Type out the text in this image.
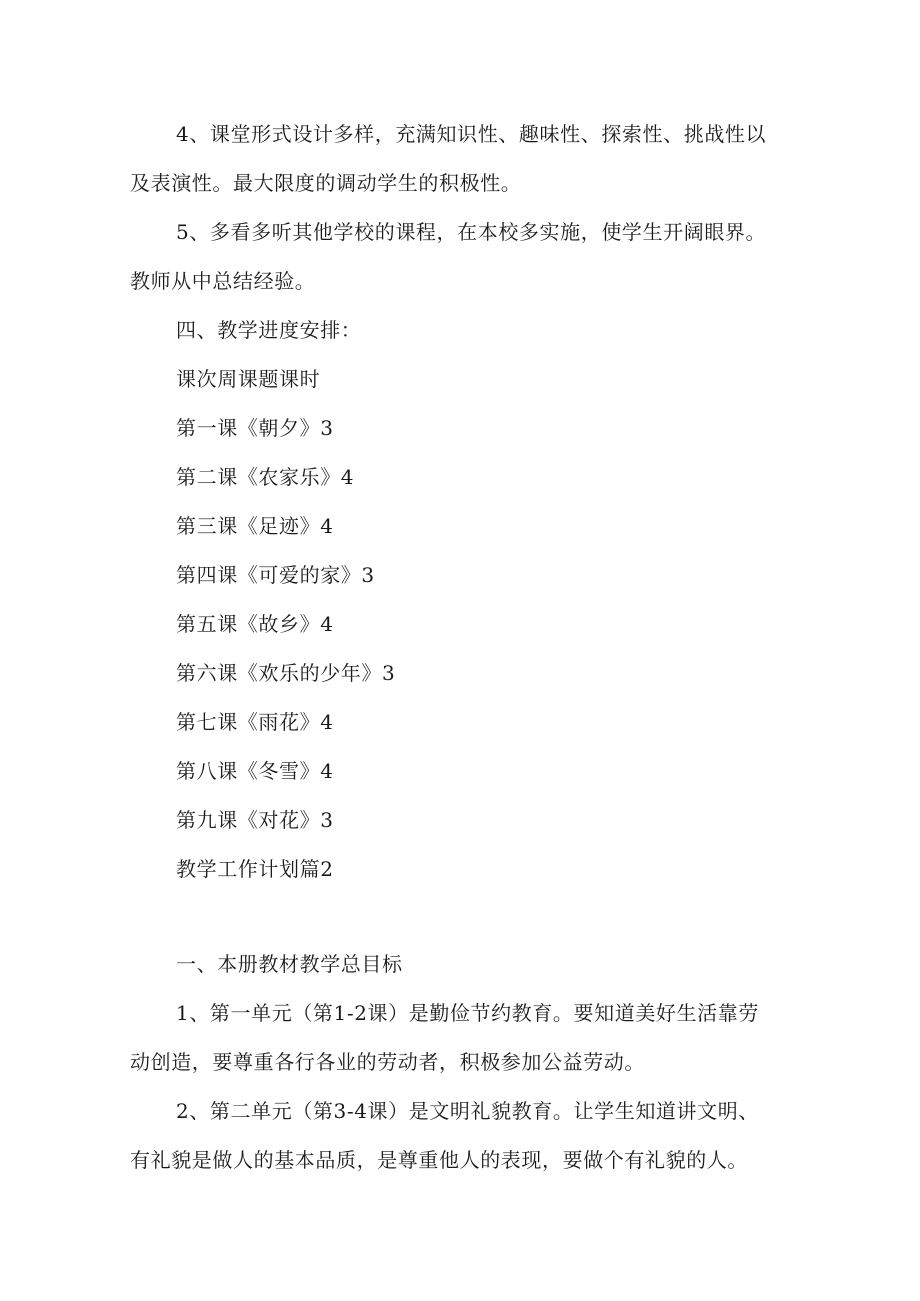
4、课堂形式设计多样，充满知识性、趣味性、探索性、挑战性以及表演性。最大限度的调动学生的积极性。

5、多看多听其他学校的课程，在本校多实施，使学生开阔眼界。教师从中总结经验。

四、教学进度安排：

课次周课题课时

第一课《朝夕》3

第二课《农家乐》4

第三课《足迹》4

第四课《可爱的家》3

第五课《故乡》4

第六课《欢乐的少年》3

第七课《雨花》4

第八课《冬雪》4

第九课《对花》3

教学工作计划篇2

一、本册教材教学总目标

1、第一单元（第1-2课）是勤俭节约教育。要知道美好生活靠劳动创造，要尊重各行各业的劳动者，积极参加公益劳动。

2、第二单元（第3-4课）是文明礼貌教育。让学生知道讲文明、有礼貌是做人的基本品质，是尊重他人的表现，要做个有礼貌的人。
